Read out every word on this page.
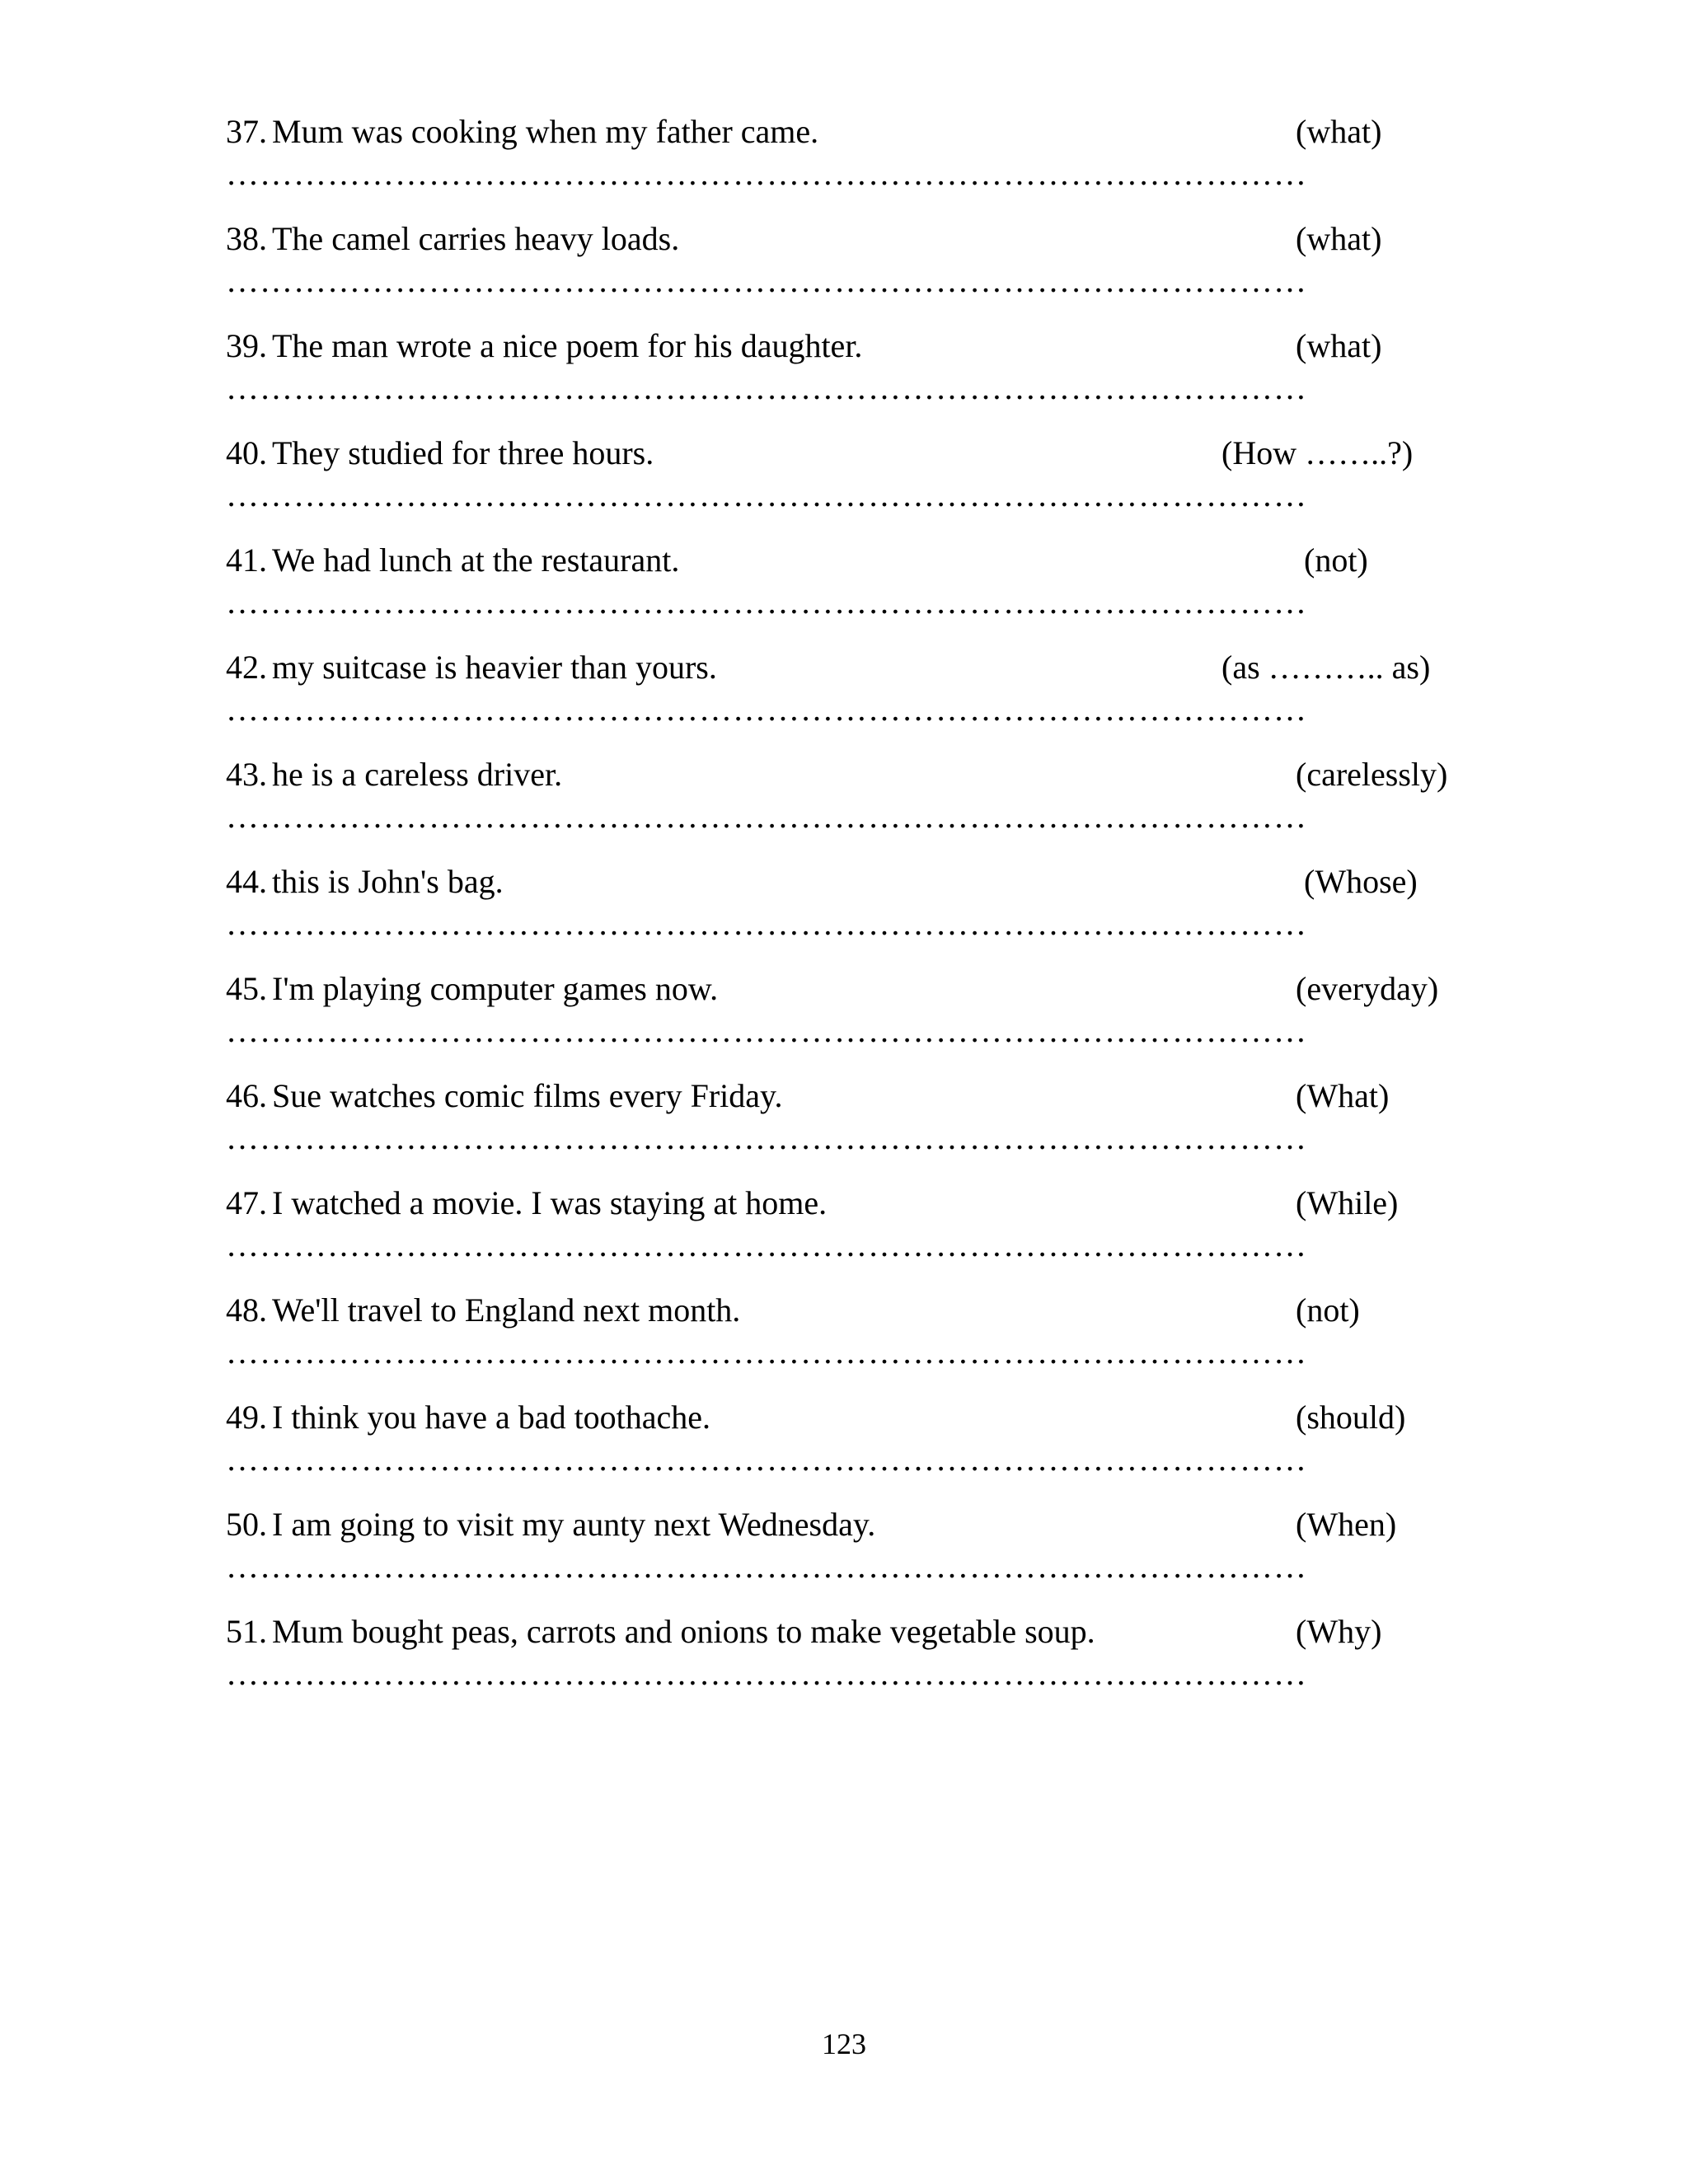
37. Mum was cooking when my father came.	(what)
……………………………………………………………………………………
38. The camel carries heavy loads.	(what)
……………………………………………………………………………………
39. The man wrote a nice poem for his daughter.	(what)
……………………………………………………………………………………
40. They studied for three hours.	(How ……..?)
……………………………………………………………………………………
41. We had lunch at the restaurant.	(not)
……………………………………………………………………………………
42. my suitcase is heavier than yours.	(as ……….. as)
……………………………………………………………………………………
43. he is a careless driver.	(carelessly)
……………………………………………………………………………………
44. this is John's bag.	(Whose)
……………………………………………………………………………………
45. I'm playing computer games now.	(everyday)
……………………………………………………………………………………
46. Sue watches comic films every Friday.	(What)
……………………………………………………………………………………
47. I watched a movie. I was staying at home.	(While)
……………………………………………………………………………………
48. We'll travel to England next month.	(not)
……………………………………………………………………………………
49. I think you have a bad toothache.	(should)
……………………………………………………………………………………
50. I am going to visit my aunty next Wednesday.	(When)
……………………………………………………………………………………
51. Mum bought peas, carrots and onions to make vegetable soup.	(Why)
……………………………………………………………………………………
123
